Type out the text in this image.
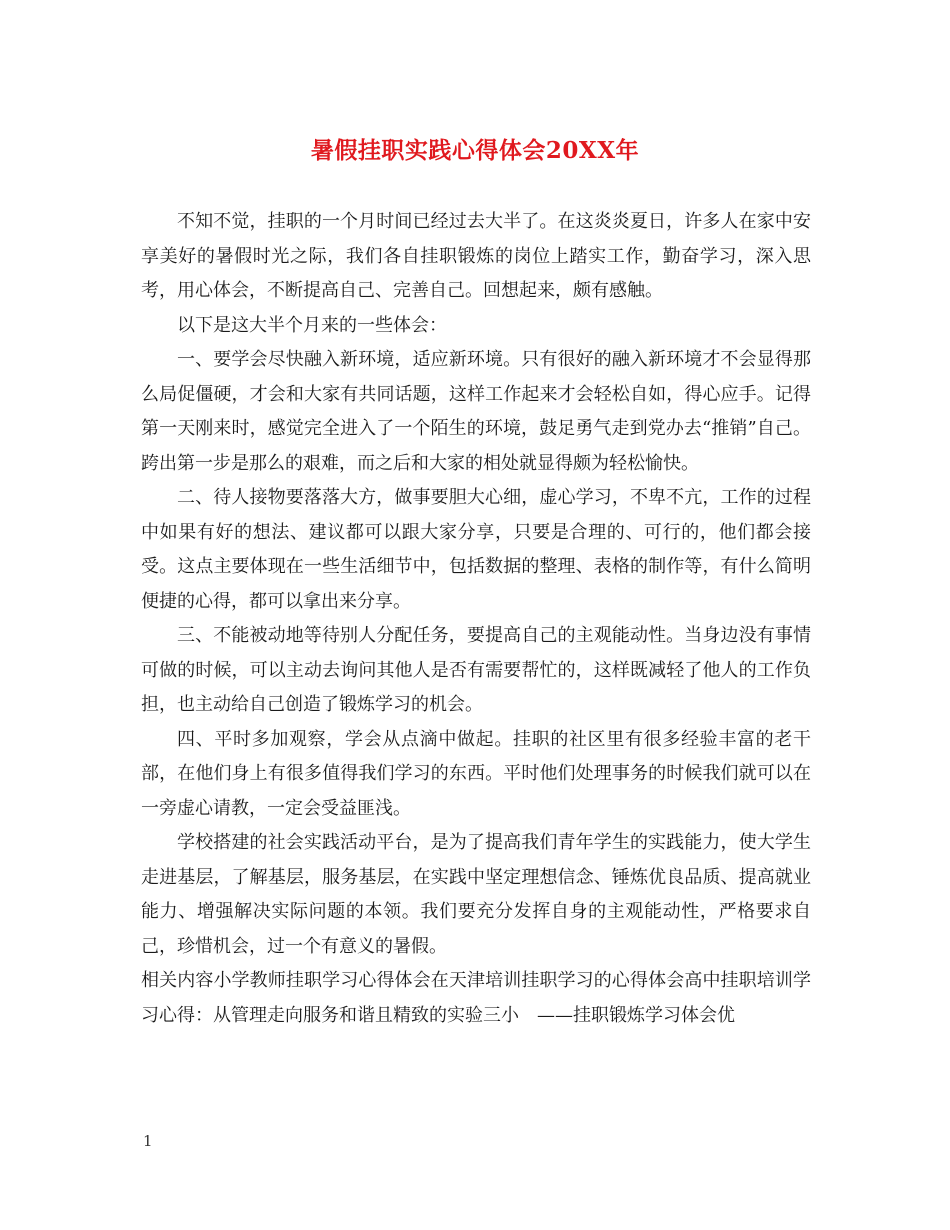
暑假挂职实践心得体会20XX年

不知不觉，挂职的一个月时间已经过去大半了。在这炎炎夏日，许多人在家中安享美好的暑假时光之际，我们各自挂职锻炼的岗位上踏实工作，勤奋学习，深入思考，用心体会，不断提高自己、完善自己。回想起来，颇有感触。

以下是这大半个月来的一些体会：

一、要学会尽快融入新环境，适应新环境。只有很好的融入新环境才不会显得那么局促僵硬，才会和大家有共同话题，这样工作起来才会轻松自如，得心应手。记得第一天刚来时，感觉完全进入了一个陌生的环境，鼓足勇气走到党办去“推销”自己。跨出第一步是那么的艰难，而之后和大家的相处就显得颇为轻松愉快。

二、待人接物要落落大方，做事要胆大心细，虚心学习，不卑不亢，工作的过程中如果有好的想法、建议都可以跟大家分享，只要是合理的、可行的，他们都会接受。这点主要体现在一些生活细节中，包括数据的整理、表格的制作等，有什么简明便捷的心得，都可以拿出来分享。

三、不能被动地等待别人分配任务，要提高自己的主观能动性。当身边没有事情可做的时候，可以主动去询问其他人是否有需要帮忙的，这样既减轻了他人的工作负担，也主动给自己创造了锻炼学习的机会。

四、平时多加观察，学会从点滴中做起。挂职的社区里有很多经验丰富的老干部，在他们身上有很多值得我们学习的东西。平时他们处理事务的时候我们就可以在一旁虚心请教，一定会受益匪浅。

学校搭建的社会实践活动平台，是为了提高我们青年学生的实践能力，使大学生走进基层，了解基层，服务基层，在实践中坚定理想信念、锤炼优良品质、提高就业能力、增强解决实际问题的本领。我们要充分发挥自身的主观能动性，严格要求自己，珍惜机会，过一个有意义的暑假。

相关内容小学教师挂职学习心得体会在天津培训挂职学习的心得体会高中挂职培训学习心得：从管理走向服务和谐且精致的实验三小　——挂职锻炼学习体会优

1
